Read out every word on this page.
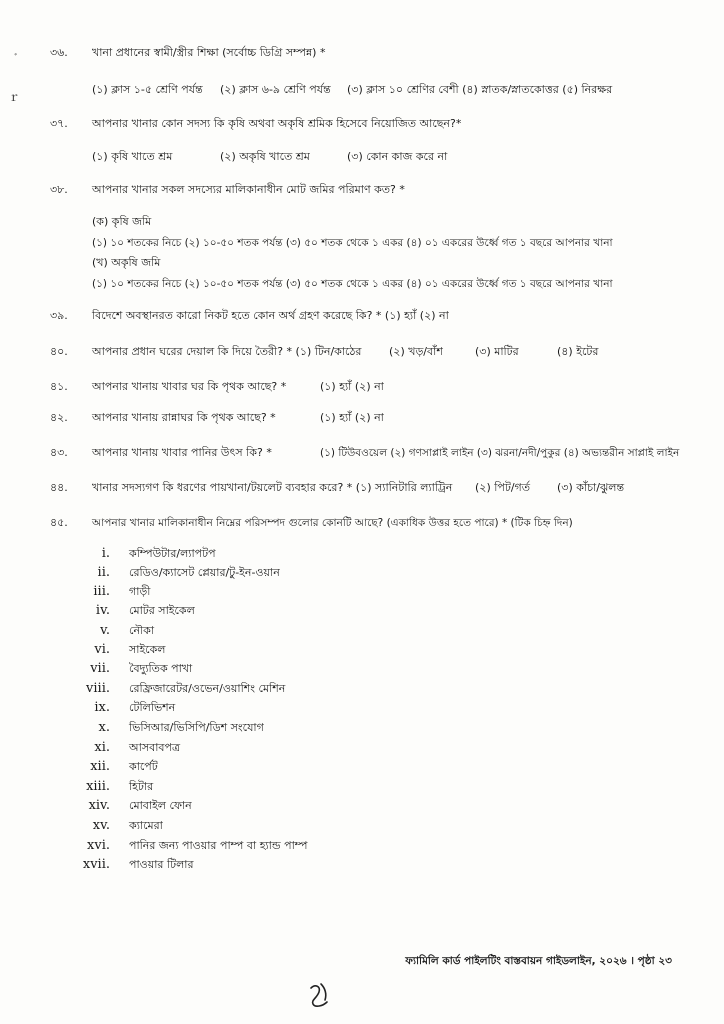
ﾞ
ｒ
৩৬.	খানা প্রধানের স্বামী/স্ত্রীর শিক্ষা (সর্বোচ্চ ডিগ্রি সম্পন্ন) *
(১) ক্লাস ১-৫ শ্রেণি পর্যন্ত (২) ক্লাস ৬-৯ শ্রেণি পর্যন্ত (৩) ক্লাস ১০ শ্রেণির বেশী (৪) স্নাতক/স্নাতকোত্তর (৫) নিরক্ষর
৩৭.	আপনার খানার কোন সদস্য কি কৃষি অথবা অকৃষি শ্রমিক হিসেবে নিয়োজিত আছেন?*
(১) কৃষি খাতে শ্রম	(২) অকৃষি খাতে শ্রম	(৩) কোন কাজ করে না
৩৮.	আপনার খানার সকল সদস্যের মালিকানাধীন মোট জমির পরিমাণ কত? *
(ক) কৃষি জমি
(১) ১০ শতকের নিচে (২) ১০-৫০ শতক পর্যন্ত (৩) ৫০ শতক থেকে ১ একর (৪) ০১ একরের উর্ধ্বে গত ১ বছরে আপনার খানা
(খ) অকৃষি জমি
(১) ১০ শতকের নিচে (২) ১০-৫০ শতক পর্যন্ত (৩) ৫০ শতক থেকে ১ একর (৪) ০১ একরের উর্ধ্বে গত ১ বছরে আপনার খানা
৩৯.	বিদেশে অবস্থানরত কারো নিকট হতে কোন অর্থ গ্রহণ করেছে কি? * (১) হ্যাঁ (২) না
৪০.	আপনার প্রধান ঘরের দেয়াল কি দিয়ে তৈরী? * (১) টিন/কাঠের	(২) খড়/বাঁশ	(৩) মাটির	(৪) ইটের
৪১.	আপনার খানায় খাবার ঘর কি পৃথক আছে? *	(১) হ্যাঁ (২) না
৪২.	আপনার খানায় রান্নাঘর কি পৃথক আছে? *	(১) হ্যাঁ (২) না
৪৩.	আপনার খানায় খাবার পানির উৎস কি? *	(১) টিউবওয়েল (২) গণসাপ্লাই লাইন (৩) ঝরনা/নদী/পুকুর (৪) অভ্যন্তরীন সাপ্লাই লাইন
৪৪.	খানার সদস্যগণ কি ধরণের পায়খানা/টয়লেট ব্যবহার করে? * (১) স্যানিটারি ল্যাট্রিন (২) পিট/গর্ত (৩) কাঁচা/ঝুলন্ত
৪৫.	আপনার খানার মালিকানাধীন নিম্নের পরিসম্পদ গুলোর কোনটি আছে? (একাধিক উত্তর হতে পারে) * (টিক চিহ্ন দিন)
i. কম্পিউটার/ল্যাপটপ
ii. রেডিও/ক্যাসেট প্লেয়ার/টু-ইন-ওয়ান
iii. গাড়ী
iv. মোটর সাইকেল
v. নৌকা
vi. সাইকেল
vii. বৈদ্যুতিক পাখা
viii. রেফ্রিজারেটর/ওভেন/ওয়াশিং মেশিন
ix. টেলিভিশন
x. ভিসিআর/ভিসিপি/ডিশ সংযোগ
xi. আসবাবপত্র
xii. কার্পেট
xiii. হিটার
xiv. মোবাইল ফোন
xv. ক্যামেরা
xvi. পানির জন্য পাওয়ার পাম্প বা হ্যান্ড পাম্প
xvii. পাওয়ার টিলার
ফ্যামিলি কার্ড পাইলটিং বাস্তবায়ন গাইডলাইন, ২০২৬ । পৃষ্ঠা ২৩
